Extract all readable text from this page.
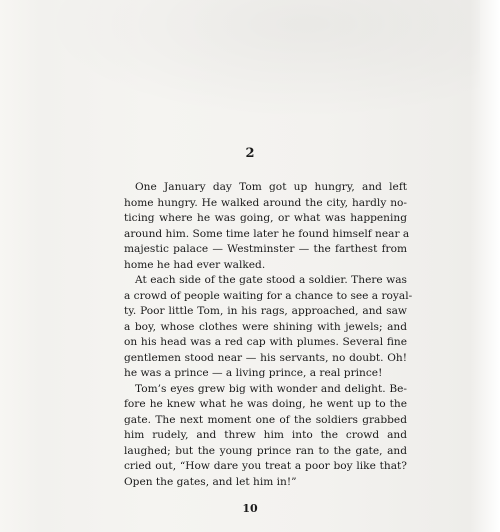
2
One January day Tom got up hungry, and left
home hungry. He walked around the city, hardly no-
ticing where he was going, or what was happening
around him. Some time later he found himself near a
majestic palace — Westminster — the farthest from
home he had ever walked.
At each side of the gate stood a soldier. There was
a crowd of people waiting for a chance to see a royal-
ty. Poor little Tom, in his rags, approached, and saw
a boy, whose clothes were shining with jewels; and
on his head was a red cap with plumes. Several fine
gentlemen stood near — his servants, no doubt. Oh!
he was a prince — a living prince, a real prince!
Tom’s eyes grew big with wonder and delight. Be-
fore he knew what he was doing, he went up to the
gate. The next moment one of the soldiers grabbed
him rudely, and threw him into the crowd and
laughed; but the young prince ran to the gate, and
cried out, “How dare you treat a poor boy like that?
Open the gates, and let him in!”
10
